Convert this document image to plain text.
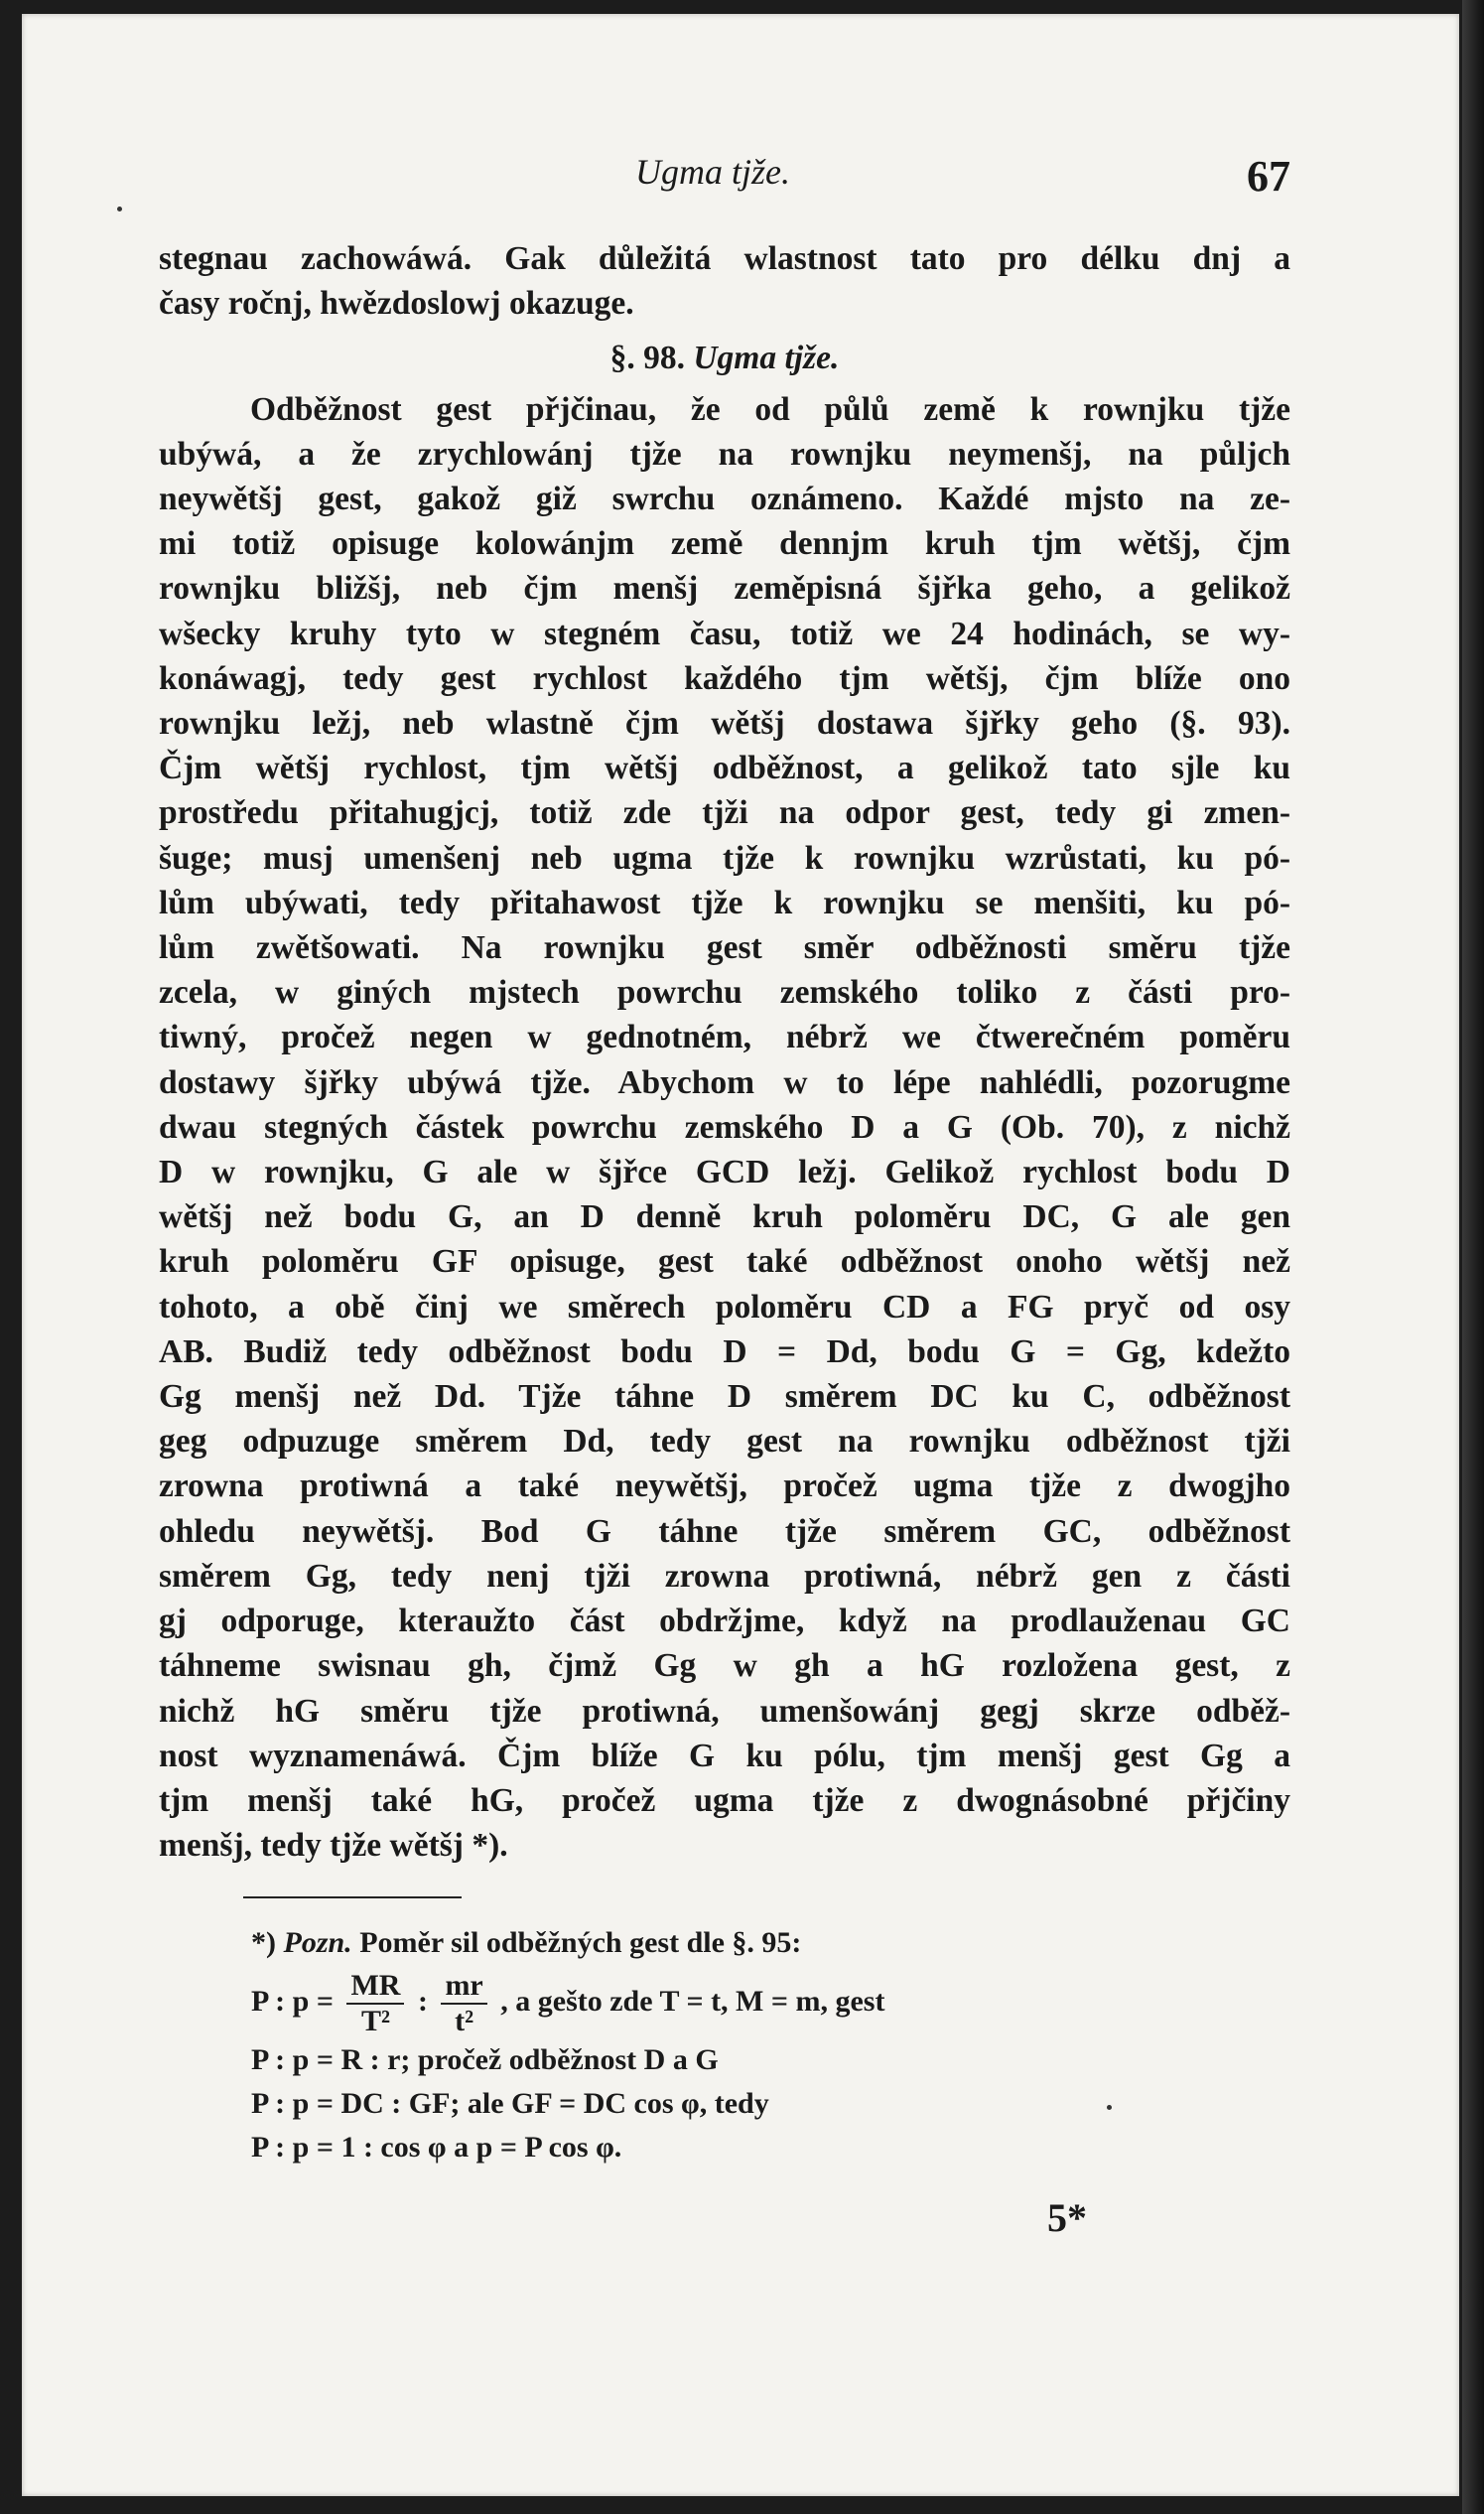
Ugma tjže.	67
stegnau zachowáwá. Gak důležitá wlastnost tato pro délku dnj a
časy ročnj, hwězdoslowj okazuge.
§. 98. Ugma tjže.
Odběžnost gest přjčinau, že od půlů země k rownjku tjže
ubýwá, a že zrychlowánj tjže na rownjku neymenšj, na půljch
neywětšj gest, gakož giž swrchu oznámeno. Každé mjsto na ze-
mi totiž opisuge kolowánjm země dennjm kruh tjm wětšj, čjm
rownjku bližšj, neb čjm menšj zeměpisná šjřka geho, a gelikož
wšecky kruhy tyto w stegném času, totiž we 24 hodinách, se wy-
konáwagj, tedy gest rychlost každého tjm wětšj, čjm blíže ono
rownjku ležj, neb wlastně čjm wětšj dostawa šjřky geho (§. 93).
Čjm wětšj rychlost, tjm wětšj odběžnost, a gelikož tato sjle ku
prostředu přitahugjcj, totiž zde tjži na odpor gest, tedy gi zmen-
šuge; musj umenšenj neb ugma tjže k rownjku wzrůstati, ku pó-
lům ubýwati, tedy přitahawost tjže k rownjku se menšiti, ku pó-
lům zwětšowati. Na rownjku gest směr odběžnosti směru tjže
zcela, w giných mjstech powrchu zemského toliko z části pro-
tiwný, pročež negen w gednotném, nébrž we čtwerečném poměru
dostawy šjřky ubýwá tjže. Abychom w to lépe nahlédli, pozorugme
dwau stegných částek powrchu zemského D a G (Ob. 70), z nichž
D w rownjku, G ale w šjřce GCD ležj. Gelikož rychlost bodu D
wětšj než bodu G, an D denně kruh poloměru DC, G ale gen
kruh poloměru GF opisuge, gest také odběžnost onoho wětšj než
tohoto, a obě činj we směrech poloměru CD a FG pryč od osy
AB. Budiž tedy odběžnost bodu D = Dd, bodu G = Gg, kdežto
Gg menšj než Dd. Tjže táhne D směrem DC ku C, odběžnost
geg odpuzuge směrem Dd, tedy gest na rownjku odběžnost tjži
zrowna protiwná a také neywětšj, pročež ugma tjže z dwogjho
ohledu neywětšj. Bod G táhne tjže směrem GC, odběžnost
směrem Gg, tedy nenj tjži zrowna protiwná, nébrž gen z části
gj odporuge, kteraužto část obdržjme, když na prodlauženau GC
táhneme swisnau gh, čjmž Gg w gh a hG rozložena gest, z
nichž hG směru tjže protiwná, umenšowánj gegj skrze odběž-
nost wyznamenáwá. Čjm blíže G ku pólu, tjm menšj gest Gg a
tjm menšj také hG, pročež ugma tjže z dwognásobné přjčiny
menšj, tedy tjže wětšj *).
*) Pozn. Poměr sil odběžných gest dle §. 95:
P : $p = \frac{MR}{\text{T²}}$ : $\frac{mr}{\text{t²}}$ , a gešto zde T = t, M = m, gest
P : p = R : r; pročež odběžnost D a G
P : p = DC : GF; ale GF = DC cos φ, tedy
P : p = 1 : cos φ a p = P cos φ.
5*
